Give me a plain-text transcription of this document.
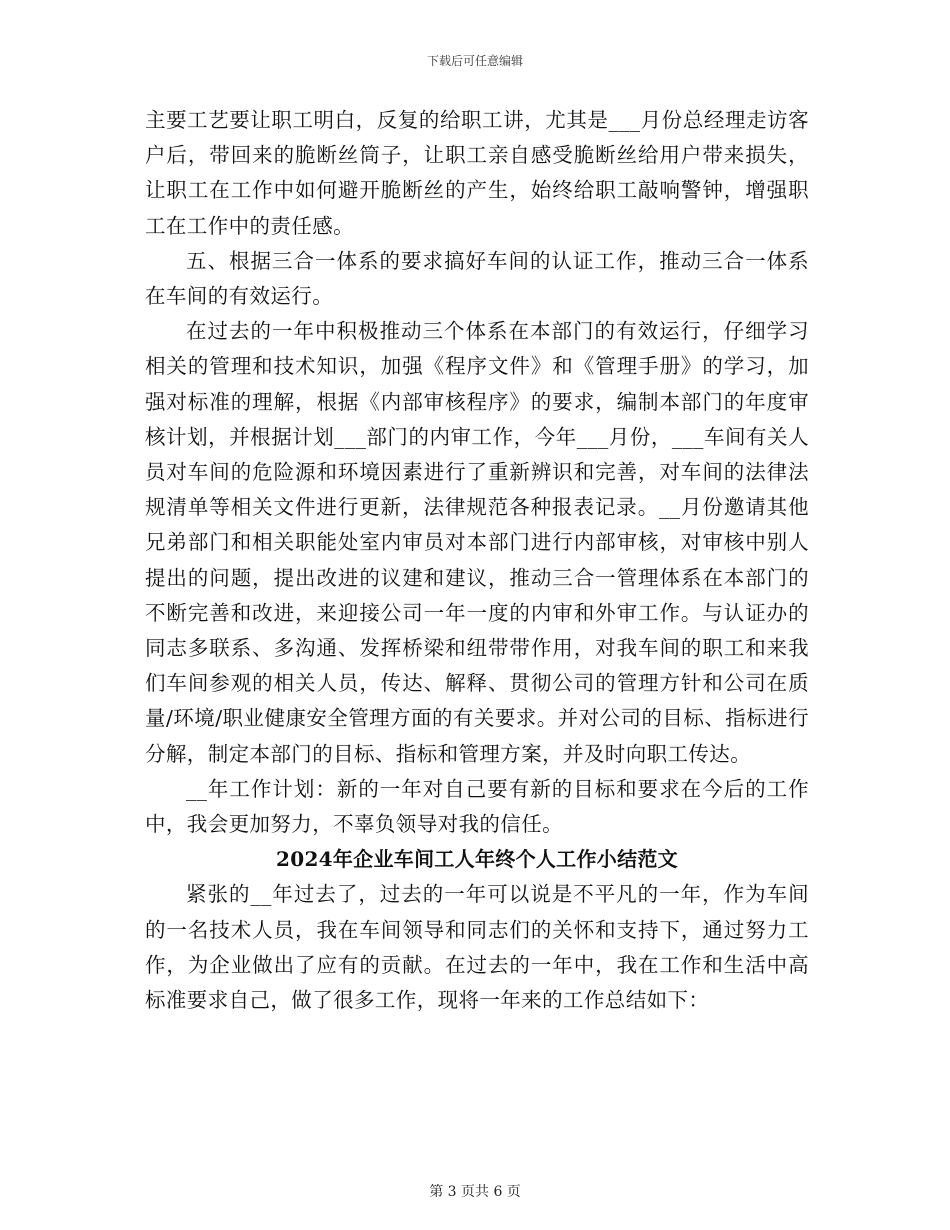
下载后可任意编辑

主要工艺要让职工明白，反复的给职工讲，尤其是___月份总经理走访客户后，带回来的脆断丝筒子，让职工亲自感受脆断丝给用户带来损失，让职工在工作中如何避开脆断丝的产生，始终给职工敲响警钟，增强职工在工作中的责任感。

五、根据三合一体系的要求搞好车间的认证工作，推动三合一体系在车间的有效运行。

在过去的一年中积极推动三个体系在本部门的有效运行，仔细学习相关的管理和技术知识，加强《程序文件》和《管理手册》的学习，加强对标准的理解，根据《内部审核程序》的要求，编制本部门的年度审核计划，并根据计划___部门的内审工作，今年___月份，___车间有关人员对车间的危险源和环境因素进行了重新辨识和完善，对车间的法律法规清单等相关文件进行更新，法律规范各种报表记录。__月份邀请其他兄弟部门和相关职能处室内审员对本部门进行内部审核，对审核中别人提出的问题，提出改进的议建和建议，推动三合一管理体系在本部门的不断完善和改进，来迎接公司一年一度的内审和外审工作。与认证办的同志多联系、多沟通、发挥桥梁和纽带带作用，对我车间的职工和来我们车间参观的相关人员，传达、解释、贯彻公司的管理方针和公司在质量/环境/职业健康安全管理方面的有关要求。并对公司的目标、指标进行分解，制定本部门的目标、指标和管理方案，并及时向职工传达。

__年工作计划：新的一年对自己要有新的目标和要求在今后的工作中，我会更加努力，不辜负领导对我的信任。

2024年企业车间工人年终个人工作小结范文

紧张的__年过去了，过去的一年可以说是不平凡的一年，作为车间的一名技术人员，我在车间领导和同志们的关怀和支持下，通过努力工作，为企业做出了应有的贡献。在过去的一年中，我在工作和生活中高标准要求自己，做了很多工作，现将一年来的工作总结如下：

第 3 页共 6 页
